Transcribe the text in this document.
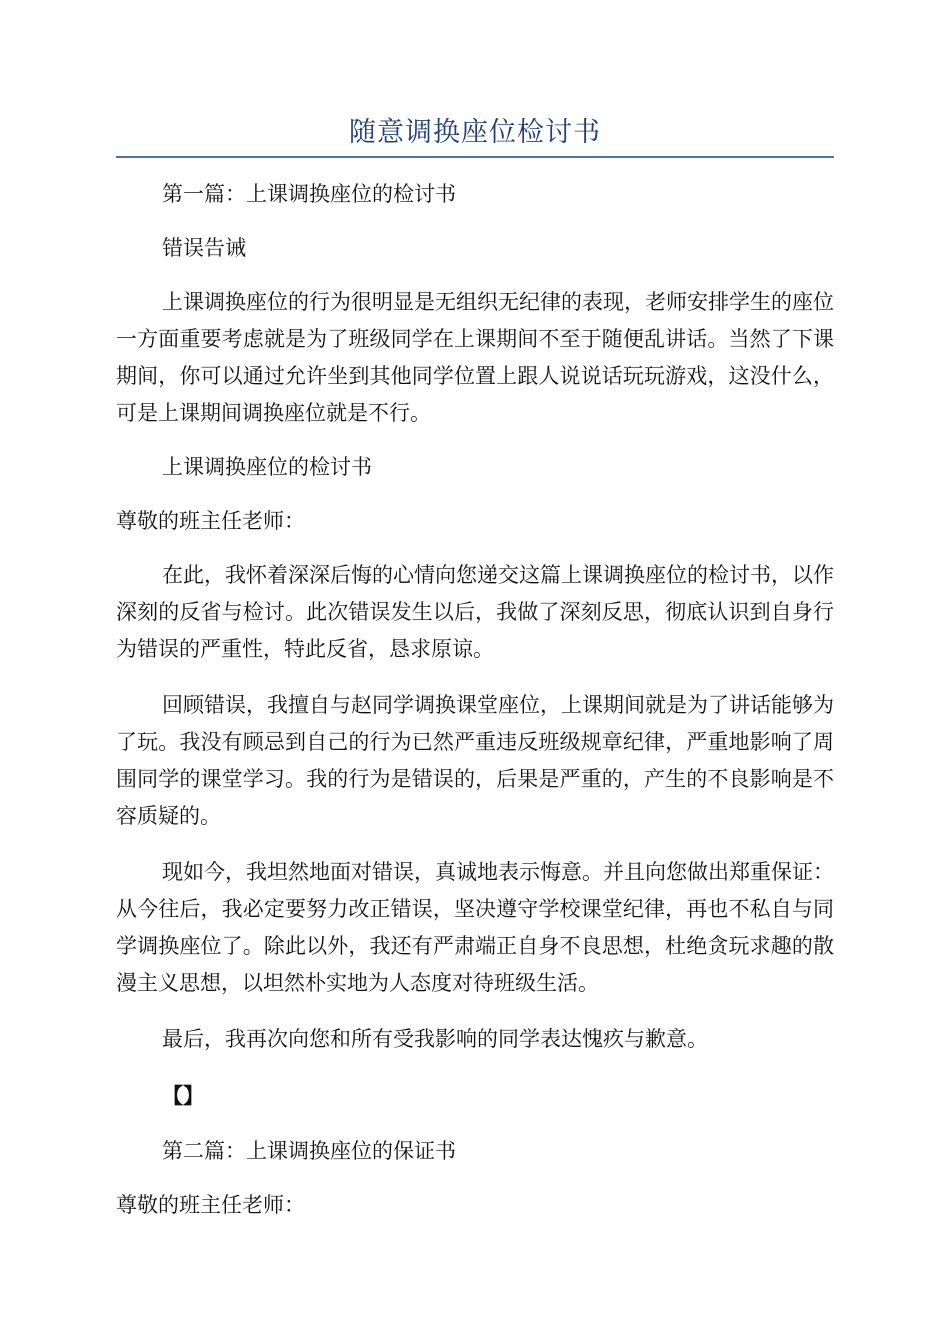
随意调换座位检讨书

第一篇：上课调换座位的检讨书

错误告诫

上课调换座位的行为很明显是无组织无纪律的表现，老师安排学生的座位一方面重要考虑就是为了班级同学在上课期间不至于随便乱讲话。当然了下课期间，你可以通过允许坐到其他同学位置上跟人说说话玩玩游戏，这没什么，可是上课期间调换座位就是不行。

上课调换座位的检讨书

尊敬的班主任老师：

在此，我怀着深深后悔的心情向您递交这篇上课调换座位的检讨书，以作深刻的反省与检讨。此次错误发生以后，我做了深刻反思，彻底认识到自身行为错误的严重性，特此反省，恳求原谅。

回顾错误，我擅自与赵同学调换课堂座位，上课期间就是为了讲话能够为了玩。我没有顾忌到自己的行为已然严重违反班级规章纪律，严重地影响了周围同学的课堂学习。我的行为是错误的，后果是严重的，产生的不良影响是不容质疑的。

现如今，我坦然地面对错误，真诚地表示悔意。并且向您做出郑重保证：从今往后，我必定要努力改正错误，坚决遵守学校课堂纪律，再也不私自与同学调换座位了。除此以外，我还有严肃端正自身不良思想，杜绝贪玩求趣的散漫主义思想，以坦然朴实地为人态度对待班级生活。

最后，我再次向您和所有受我影响的同学表达愧疚与歉意。

【】

第二篇：上课调换座位的保证书

尊敬的班主任老师：
